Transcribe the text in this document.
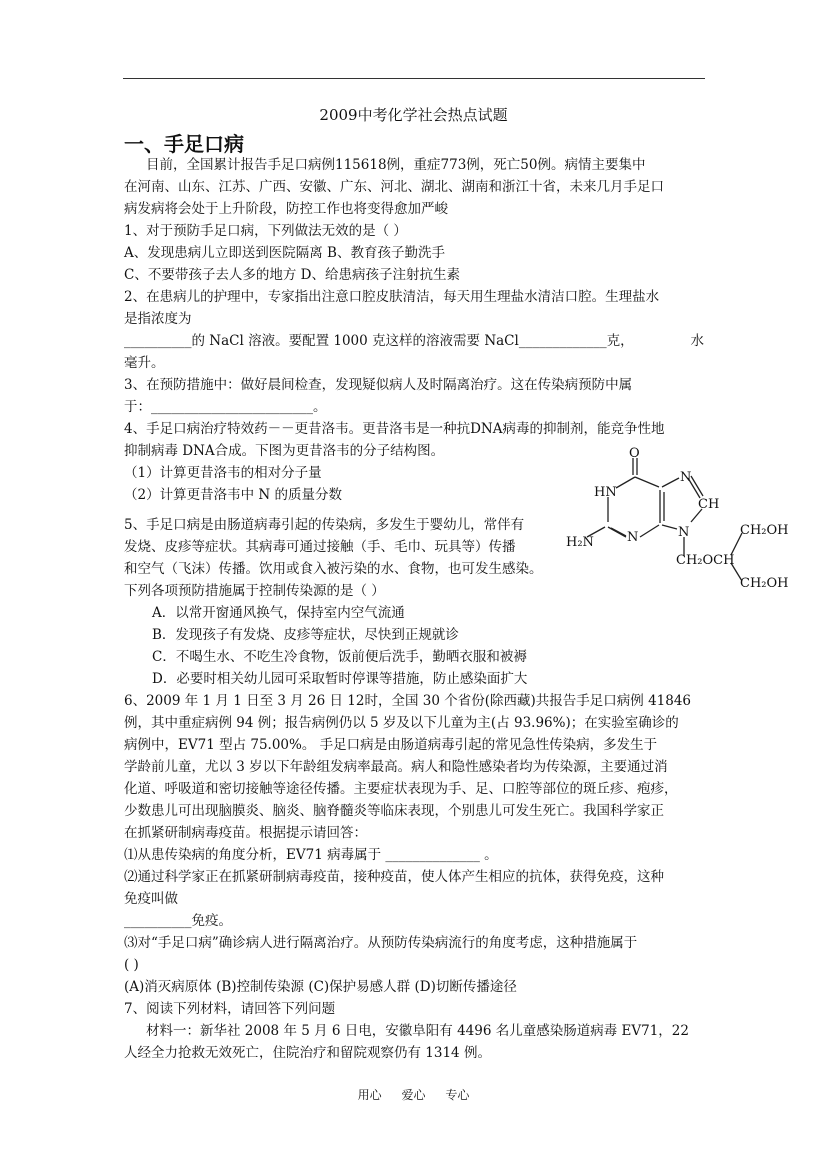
2009中考化学社会热点试题
一、手足口病
目前，全国累计报告手足口病例115618例，重症773例，死亡50例。病情主要集中
在河南、山东、江苏、广西、安徽、广东、河北、湖北、湖南和浙江十省，未来几月手足口
病发病将会处于上升阶段，防控工作也将变得愈加严峻
1、对于预防手足口病，下列做法无效的是（ ）
A、发现患病儿立即送到医院隔离 B、教育孩子勤洗手
C、不要带孩子去人多的地方 D、给患病孩子注射抗生素
2、在患病儿的护理中，专家指出注意口腔皮肤清洁，每天用生理盐水清洁口腔。生理盐水
是指浓度为
__________的 NaCl 溶液。要配置 1000 克这样的溶液需要 NaCl_____________克，	水
毫升。
3、在预防措施中：做好晨间检查，发现疑似病人及时隔离治疗。这在传染病预防中属
于：________________________。
4、手足口病治疗特效药－－更昔洛韦。更昔洛韦是一种抗DNA病毒的抑制剂，能竞争性地
抑制病毒 DNA合成。下图为更昔洛韦的分子结构图。
（1）计算更昔洛韦的相对分子量
（2）计算更昔洛韦中 N 的质量分数
O
HN
N
CH
N	N
H₂N
CH₂OH
CH₂OCH
CH₂OH
5、手足口病是由肠道病毒引起的传染病，多发生于婴幼儿，常伴有
发烧、皮疹等症状。其病毒可通过接触（手、毛巾、玩具等）传播
和空气（飞沫）传播。饮用或食入被污染的水、食物，也可发生感染。
下列各项预防措施属于控制传染源的是（ ）
A．以常开窗通风换气，保持室内空气流通
B．发现孩子有发烧、皮疹等症状，尽快到正规就诊
C．不喝生水、不吃生冷食物，饭前便后洗手，勤晒衣服和被褥
D．必要时相关幼儿园可采取暂时停课等措施，防止感染面扩大
6、2009 年 1 月 1 日至 3 月 26 日 12时，全国 30 个省份(除西藏)共报告手足口病例 41846
例，其中重症病例 94 例；报告病例仍以 5 岁及以下儿童为主(占 93.96%)；在实验室确诊的
病例中，EV71 型占 75.00%。 手足口病是由肠道病毒引起的常见急性传染病，多发生于
学龄前儿童，尤以 3 岁以下年龄组发病率最高。病人和隐性感染者均为传染源，主要通过消
化道、呼吸道和密切接触等途径传播。主要症状表现为手、足、口腔等部位的斑丘疹、疱疹，
少数患儿可出现脑膜炎、脑炎、脑脊髓炎等临床表现，个别患儿可发生死亡。我国科学家正
在抓紧研制病毒疫苗。根据提示请回答：
⑴从患传染病的角度分析，EV71 病毒属于 ______________ 。
⑵通过科学家正在抓紧研制病毒疫苗，接种疫苗，使人体产生相应的抗体，获得免疫，这种
免疫叫做
__________免疫。
⑶对“手足口病”确诊病人进行隔离治疗。从预防传染病流行的角度考虑，这种措施属于
( )
(A)消灭病原体 (B)控制传染源 (C)保护易感人群 (D)切断传播途径
7、阅读下列材料，请回答下列问题
材料一：新华社 2008 年 5 月 6 日电，安徽阜阳有 4496 名儿童感染肠道病毒 EV71，22
人经全力抢救无效死亡，住院治疗和留院观察仍有 1314 例。
用心 爱心 专心
